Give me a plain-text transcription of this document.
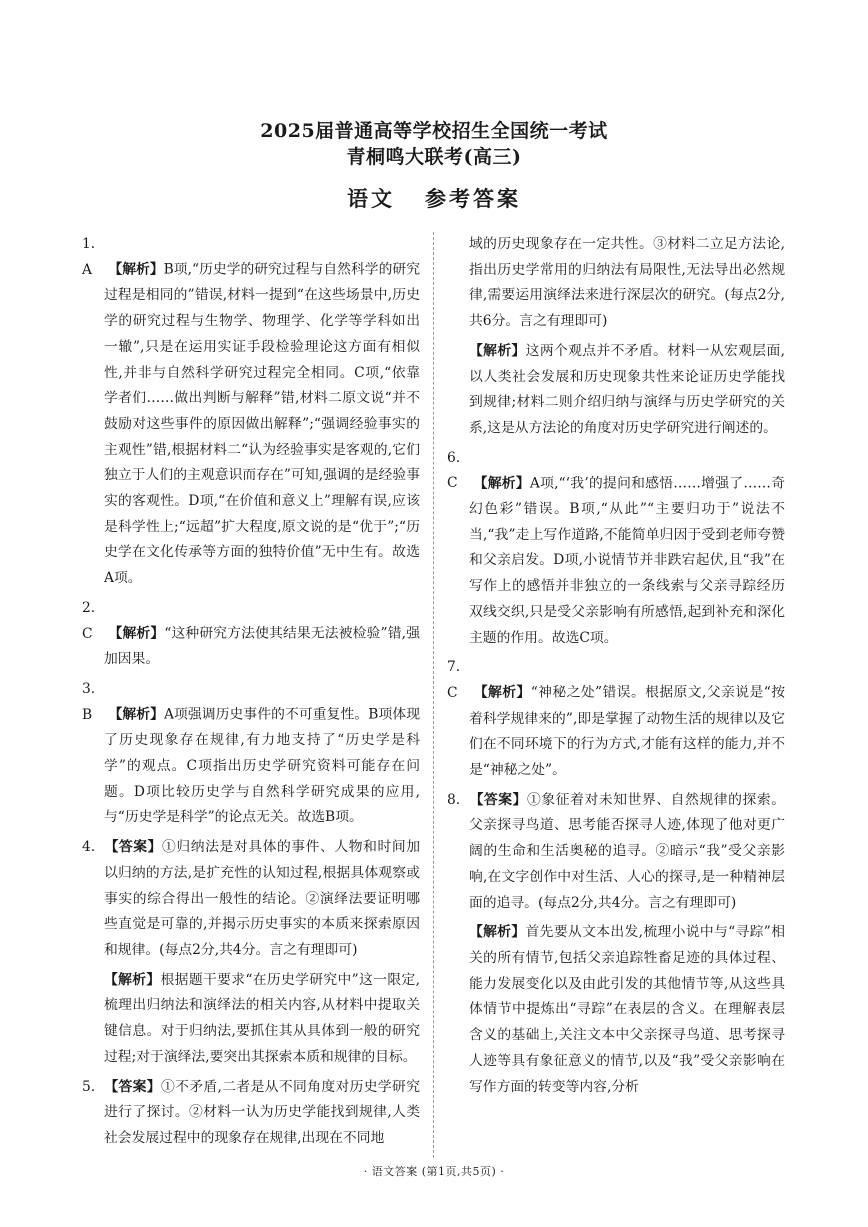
2025届普通高等学校招生全国统一考试
青桐鸣大联考(高三)
语文 参考答案
1. A 【解析】B项,“历史学的研究过程与自然科学的研究过程是相同的”错误,材料一提到“在这些场景中,历史学的研究过程与生物学、物理学、化学等学科如出一辙”,只是在运用实证手段检验理论这方面有相似性,并非与自然科学研究过程完全相同。C项,“依靠学者们……做出判断与解释”错,材料二原文说“并不鼓励对这些事件的原因做出解释”;“强调经验事实的主观性”错,根据材料二“认为经验事实是客观的,它们独立于人们的主观意识而存在”可知,强调的是经验事实的客观性。D项,“在价值和意义上”理解有误,应该是科学性上;“远超”扩大程度,原文说的是“优于”;“历史学在文化传承等方面的独特价值”无中生有。故选A项。
2. C 【解析】“这种研究方法使其结果无法被检验”错,强加因果。
3. B 【解析】A项强调历史事件的不可重复性。B项体现了历史现象存在规律,有力地支持了“历史学是科学”的观点。C项指出历史学研究资料可能存在问题。D项比较历史学与自然科学研究成果的应用,与“历史学是科学”的论点无关。故选B项。
4. 【答案】①归纳法是对具体的事件、人物和时间加以归纳的方法,是扩充性的认知过程,根据具体观察或事实的综合得出一般性的结论。②演绎法要证明哪些直觉是可靠的,并揭示历史事实的本质来探索原因和规律。(每点2分,共4分。言之有理即可)
【解析】根据题干要求“在历史学研究中”这一限定,梳理出归纳法和演绎法的相关内容,从材料中提取关键信息。对于归纳法,要抓住其从具体到一般的研究过程;对于演绎法,要突出其探索本质和规律的目标。
5. 【答案】①不矛盾,二者是从不同角度对历史学研究进行了探讨。②材料一认为历史学能找到规律,人类社会发展过程中的现象存在规律,出现在不同地
域的历史现象存在一定共性。③材料二立足方法论,指出历史学常用的归纳法有局限性,无法导出必然规律,需要运用演绎法来进行深层次的研究。(每点2分,共6分。言之有理即可)
【解析】这两个观点并不矛盾。材料一从宏观层面,以人类社会发展和历史现象共性来论证历史学能找到规律;材料二则介绍归纳与演绎与历史学研究的关系,这是从方法论的角度对历史学研究进行阐述的。
6. C 【解析】A项,“‘我’的提问和感悟……增强了……奇幻色彩”错误。B项,“从此”“主要归功于”说法不当,“我”走上写作道路,不能简单归因于受到老师夸赞和父亲启发。D项,小说情节并非跌宕起伏,且“我”在写作上的感悟并非独立的一条线索与父亲寻踪经历双线交织,只是受父亲影响有所感悟,起到补充和深化主题的作用。故选C项。
7. C 【解析】“神秘之处”错误。根据原文,父亲说是“按着科学规律来的”,即是掌握了动物生活的规律以及它们在不同环境下的行为方式,才能有这样的能力,并不是“神秘之处”。
8. 【答案】①象征着对未知世界、自然规律的探索。父亲探寻鸟道、思考能否探寻人迹,体现了他对更广阔的生命和生活奥秘的追寻。②暗示“我”受父亲影响,在文字创作中对生活、人心的探寻,是一种精神层面的追寻。(每点2分,共4分。言之有理即可)
【解析】首先要从文本出发,梳理小说中与“寻踪”相关的所有情节,包括父亲追踪牲畜足迹的具体过程、能力发展变化以及由此引发的其他情节等,从这些具体情节中提炼出“寻踪”在表层的含义。在理解表层含义的基础上,关注文本中父亲探寻鸟道、思考探寻人迹等具有象征意义的情节,以及“我”受父亲影响在写作方面的转变等内容,分析
· 语文答案 (第1页,共5页) ·
